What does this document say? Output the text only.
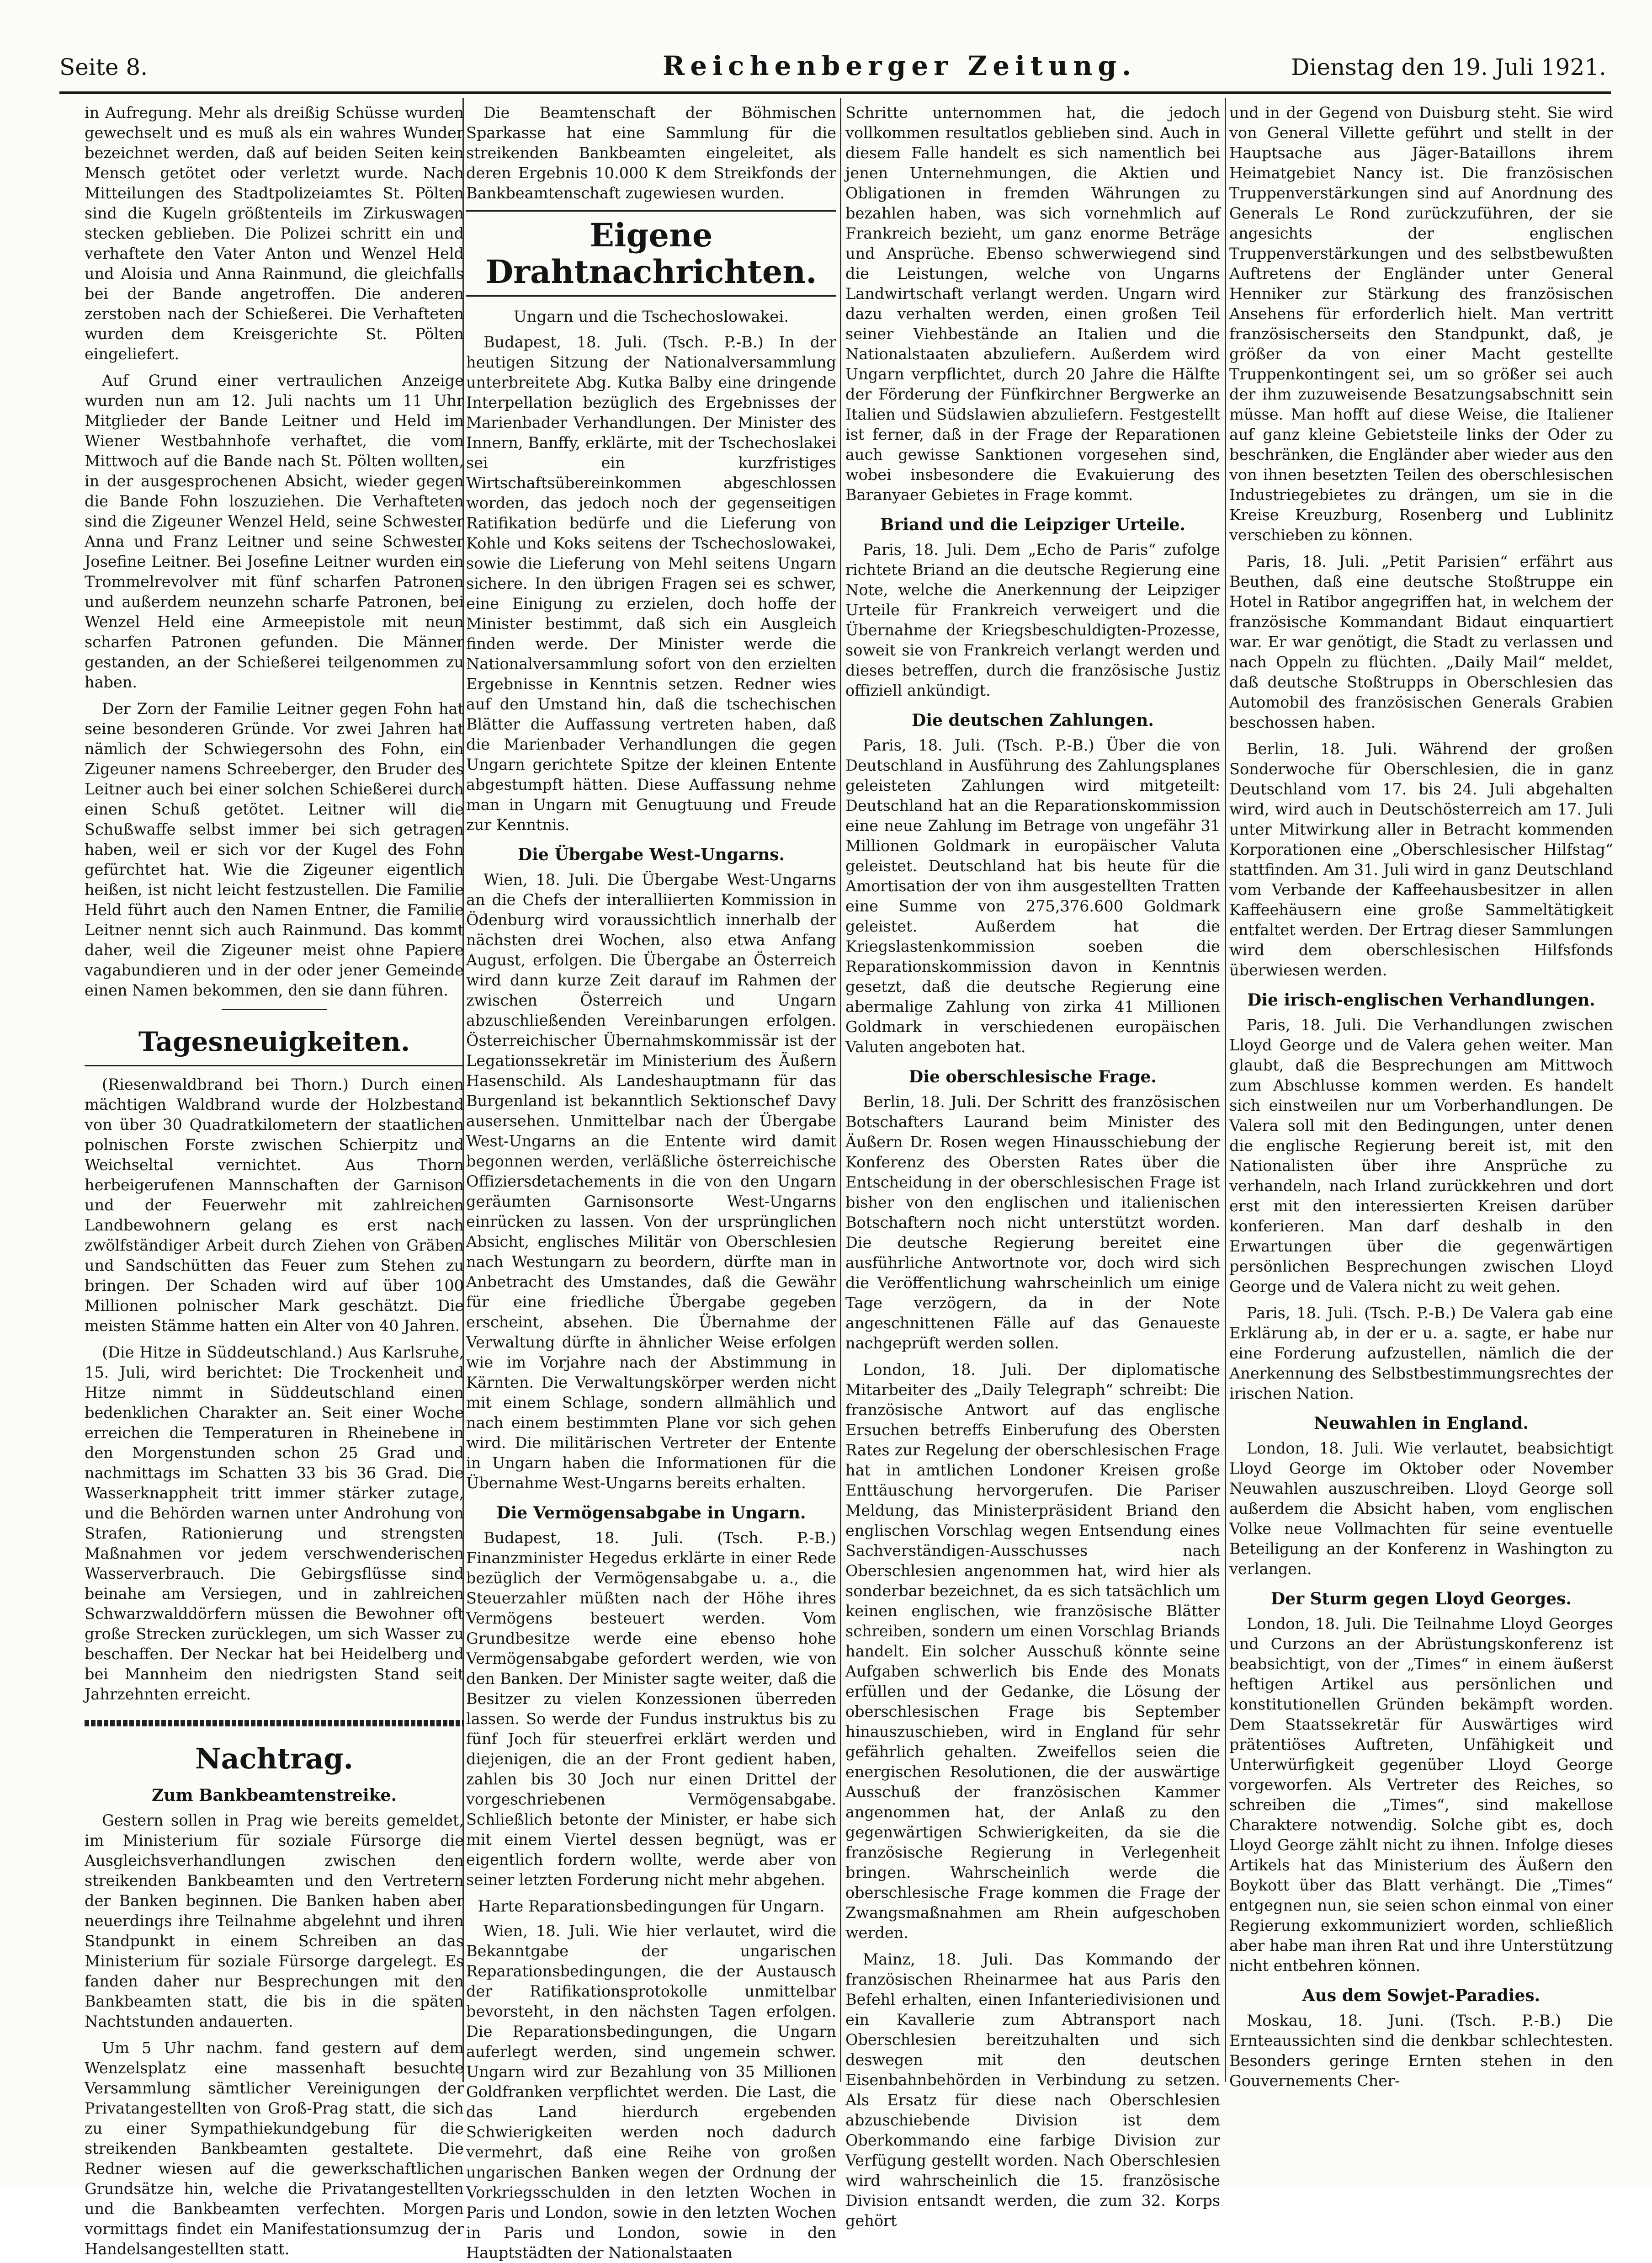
Seite 8.	Reichenberger Zeitung.	Dienstag den 19. Juli 1921.

in Aufregung. Mehr als dreißig Schüsse wurden gewechselt und es muß als ein wahres Wunder bezeichnet werden, daß auf beiden Seiten kein Mensch getötet oder verletzt wurde. Nach Mitteilungen des Stadtpolizeiamtes St. Pölten sind die Kugeln größtenteils im Zirkuswagen stecken geblieben. Die Polizei schritt ein und verhaftete den Vater Anton und Wenzel Held und Aloisia und Anna Rainmund, die gleichfalls bei der Bande angetroffen. Die anderen zerstoben nach der Schießerei. Die Verhafteten wurden dem Kreisgerichte St. Pölten eingeliefert.

Auf Grund einer vertraulichen Anzeige wurden nun am 12. Juli nachts um 11 Uhr Mitglieder der Bande Leitner und Held im Wiener Westbahnhofe verhaftet, die vom Mittwoch auf die Bande nach St. Pölten wollten, in der ausgesprochenen Absicht, wieder gegen die Bande Fohn loszuziehen. Die Verhafteten sind die Zigeuner Wenzel Held, seine Schwester Anna und Franz Leitner und seine Schwester Josefine Leitner. Bei Josefine Leitner wurden ein Trommelrevolver mit fünf scharfen Patronen und außerdem neunzehn scharfe Patronen, bei Wenzel Held eine Armeepistole mit neun scharfen Patronen gefunden. Die Männer gestanden, an der Schießerei teilgenommen zu haben.

Der Zorn der Familie Leitner gegen Fohn hat seine besonderen Gründe. Vor zwei Jahren hat nämlich der Schwiegersohn des Fohn, ein Zigeuner namens Schreeberger, den Bruder des Leitner auch bei einer solchen Schießerei durch einen Schuß getötet. Leitner will die Schußwaffe selbst immer bei sich getragen haben, weil er sich vor der Kugel des Fohn gefürchtet hat. Wie die Zigeuner eigentlich heißen, ist nicht leicht festzustellen. Die Familie Held führt auch den Namen Entner, die Familie Leitner nennt sich auch Rainmund. Das kommt daher, weil die Zigeuner meist ohne Papiere vagabundieren und in der oder jener Gemeinde einen Namen bekommen, den sie dann führen.

Tagesneuigkeiten.

(Riesenwaldbrand bei Thorn.) Durch einen mächtigen Waldbrand wurde der Holzbestand von über 30 Quadratkilometern der staatlichen polnischen Forste zwischen Schierpitz und Weichseltal vernichtet. Aus Thorn herbeigerufenen Mannschaften der Garnison und der Feuerwehr mit zahlreichen Landbewohnern gelang es erst nach zwölfständiger Arbeit durch Ziehen von Gräben und Sandschütten das Feuer zum Stehen zu bringen. Der Schaden wird auf über 100 Millionen polnischer Mark geschätzt. Die meisten Stämme hatten ein Alter von 40 Jahren.

(Die Hitze in Süddeutschland.) Aus Karlsruhe, 15. Juli, wird berichtet: Die Trockenheit und Hitze nimmt in Süddeutschland einen bedenklichen Charakter an. Seit einer Woche erreichen die Temperaturen in Rheinebene in den Morgenstunden schon 25 Grad und nachmittags im Schatten 33 bis 36 Grad. Die Wasserknappheit tritt immer stärker zutage, und die Behörden warnen unter Androhung von Strafen, Rationierung und strengsten Maßnahmen vor jedem verschwenderischen Wasserverbrauch. Die Gebirgsflüsse sind beinahe am Versiegen, und in zahlreichen Schwarzwalddörfern müssen die Bewohner oft große Strecken zurücklegen, um sich Wasser zu beschaffen. Der Neckar hat bei Heidelberg und bei Mannheim den niedrigsten Stand seit Jahrzehnten erreicht.

Nachtrag.
Zum Bankbeamtenstreike.

Gestern sollen in Prag wie bereits gemeldet, im Ministerium für soziale Fürsorge die Ausgleichsverhandlungen zwischen den streikenden Bankbeamten und den Vertretern der Banken beginnen. Die Banken haben aber neuerdings ihre Teilnahme abgelehnt und ihren Standpunkt in einem Schreiben an das Ministerium für soziale Fürsorge dargelegt. Es fanden daher nur Besprechungen mit den Bankbeamten statt, die bis in die späten Nachtstunden andauerten.

Um 5 Uhr nachm. fand gestern auf dem Wenzelsplatz eine massenhaft besuchte Versammlung sämtlicher Vereinigungen der Privatangestellten von Groß-Prag statt, die sich zu einer Sympathiekundgebung für die streikenden Bankbeamten gestaltete. Die Redner wiesen auf die gewerkschaftlichen Grundsätze hin, welche die Privatangestellten und die Bankbeamten verfechten. Morgen vormittags findet ein Manifestationsumzug der Handelsangestellten statt.

Die Beamtenschaft der Böhmischen Sparkasse hat eine Sammlung für die streikenden Bankbeamten eingeleitet, als deren Ergebnis 10.000 K dem Streikfonds der Bankbeamtenschaft zugewiesen wurden.

Eigene Drahtnachrichten.

Ungarn und die Tschechoslowakei.

Budapest, 18. Juli. (Tsch. P.-B.) In der heutigen Sitzung der Nationalversammlung unterbreitete Abg. Kutka Balby eine dringende Interpellation bezüglich des Ergebnisses der Marienbader Verhandlungen. Der Minister des Innern, Banffy, erklärte, mit der Tschechoslakei sei ein kurzfristiges Wirtschaftsübereinkommen abgeschlossen worden, das jedoch noch der gegenseitigen Ratifikation bedürfe und die Lieferung von Kohle und Koks seitens der Tschechoslowakei, sowie die Lieferung von Mehl seitens Ungarn sichere. In den übrigen Fragen sei es schwer, eine Einigung zu erzielen, doch hoffe der Minister bestimmt, daß sich ein Ausgleich finden werde. Der Minister werde die Nationalversammlung sofort von den erzielten Ergebnisse in Kenntnis setzen. Redner wies auf den Umstand hin, daß die tschechischen Blätter die Auffassung vertreten haben, daß die Marienbader Verhandlungen die gegen Ungarn gerichtete Spitze der kleinen Entente abgestumpft hätten. Diese Auffassung nehme man in Ungarn mit Genugtuung und Freude zur Kenntnis.

Die Übergabe West-Ungarns.

Wien, 18. Juli. Die Übergabe West-Ungarns an die Chefs der interalliierten Kommission in Ödenburg wird voraussichtlich innerhalb der nächsten drei Wochen, also etwa Anfang August, erfolgen. Die Übergabe an Österreich wird dann kurze Zeit darauf im Rahmen der zwischen Österreich und Ungarn abzuschließenden Vereinbarungen erfolgen. Österreichischer Übernahmskommissär ist der Legationssekretär im Ministerium des Äußern Hasenschild. Als Landeshauptmann für das Burgenland ist bekanntlich Sektionschef Davy ausersehen. Unmittelbar nach der Übergabe West-Ungarns an die Entente wird damit begonnen werden, verläßliche österreichische Offiziersdetachements in die von den Ungarn geräumten Garnisonsorte West-Ungarns einrücken zu lassen. Von der ursprünglichen Absicht, englisches Militär von Oberschlesien nach Westungarn zu beordern, dürfte man in Anbetracht des Umstandes, daß die Gewähr für eine friedliche Übergabe gegeben erscheint, absehen. Die Übernahme der Verwaltung dürfte in ähnlicher Weise erfolgen wie im Vorjahre nach der Abstimmung in Kärnten. Die Verwaltungskörper werden nicht mit einem Schlage, sondern allmählich und nach einem bestimmten Plane vor sich gehen wird. Die militärischen Vertreter der Entente in Ungarn haben die Informationen für die Übernahme West-Ungarns bereits erhalten.

Die Vermögensabgabe in Ungarn.

Budapest, 18. Juli. (Tsch. P.-B.) Finanzminister Hegedus erklärte in einer Rede bezüglich der Vermögensabgabe u. a., die Steuerzahler müßten nach der Höhe ihres Vermögens besteuert werden. Vom Grundbesitze werde eine ebenso hohe Vermögensabgabe gefordert werden, wie von den Banken. Der Minister sagte weiter, daß die Besitzer zu vielen Konzessionen überreden lassen. So werde der Fundus instruktus bis zu fünf Joch für steuerfrei erklärt werden und diejenigen, die an der Front gedient haben, zahlen bis 30 Joch nur einen Drittel der vorgeschriebenen Vermögensabgabe. Schließlich betonte der Minister, er habe sich mit einem Viertel dessen begnügt, was er eigentlich fordern wollte, werde aber von seiner letzten Forderung nicht mehr abgehen.

Harte Reparationsbedingungen für Ungarn.

Wien, 18. Juli. Wie hier verlautet, wird die Bekanntgabe der ungarischen Reparationsbedingungen, die der Austausch der Ratifikationsprotokolle unmittelbar bevorsteht, in den nächsten Tagen erfolgen. Die Reparationsbedingungen, die Ungarn auferlegt werden, sind ungemein schwer. Ungarn wird zur Bezahlung von 35 Millionen Goldfranken verpflichtet werden. Die Last, die das Land hierdurch ergebenden Schwierigkeiten werden noch dadurch vermehrt, daß eine Reihe von großen ungarischen Banken wegen der Ordnung der Vorkriegsschulden in den letzten Wochen in Paris und London, sowie in den letzten Wochen in Paris und London, sowie in den Hauptstädten der Nationalstaaten

Schritte unternommen hat, die jedoch vollkommen resultatlos geblieben sind. Auch in diesem Falle handelt es sich namentlich bei jenen Unternehmungen, die Aktien und Obligationen in fremden Währungen zu bezahlen haben, was sich vornehmlich auf Frankreich bezieht, um ganz enorme Beträge und Ansprüche. Ebenso schwerwiegend sind die Leistungen, welche von Ungarns Landwirtschaft verlangt werden. Ungarn wird dazu verhalten werden, einen großen Teil seiner Viehbestände an Italien und die Nationalstaaten abzuliefern. Außerdem wird Ungarn verpflichtet, durch 20 Jahre die Hälfte der Förderung der Fünfkirchner Bergwerke an Italien und Südslawien abzuliefern. Festgestellt ist ferner, daß in der Frage der Reparationen auch gewisse Sanktionen vorgesehen sind, wobei insbesondere die Evakuierung des Baranyaer Gebietes in Frage kommt.

Briand und die Leipziger Urteile.

Paris, 18. Juli. Dem „Echo de Paris“ zufolge richtete Briand an die deutsche Regierung eine Note, welche die Anerkennung der Leipziger Urteile für Frankreich verweigert und die Übernahme der Kriegsbeschuldigten-Prozesse, soweit sie von Frankreich verlangt werden und dieses betreffen, durch die französische Justiz offiziell ankündigt.

Die deutschen Zahlungen.

Paris, 18. Juli. (Tsch. P.-B.) Über die von Deutschland in Ausführung des Zahlungsplanes geleisteten Zahlungen wird mitgeteilt: Deutschland hat an die Reparationskommission eine neue Zahlung im Betrage von ungefähr 31 Millionen Goldmark in europäischer Valuta geleistet. Deutschland hat bis heute für die Amortisation der von ihm ausgestellten Tratten eine Summe von 275,376.600 Goldmark geleistet. Außerdem hat die Kriegslastenkommission soeben die Reparationskommission davon in Kenntnis gesetzt, daß die deutsche Regierung eine abermalige Zahlung von zirka 41 Millionen Goldmark in verschiedenen europäischen Valuten angeboten hat.

Die oberschlesische Frage.

Berlin, 18. Juli. Der Schritt des französischen Botschafters Laurand beim Minister des Äußern Dr. Rosen wegen Hinausschiebung der Konferenz des Obersten Rates über die Entscheidung in der oberschlesischen Frage ist bisher von den englischen und italienischen Botschaftern noch nicht unterstützt worden. Die deutsche Regierung bereitet eine ausführliche Antwortnote vor, doch wird sich die Veröffentlichung wahrscheinlich um einige Tage verzögern, da in der Note angeschnittenen Fälle auf das Genaueste nachgeprüft werden sollen.

London, 18. Juli. Der diplomatische Mitarbeiter des „Daily Telegraph“ schreibt: Die französische Antwort auf das englische Ersuchen betreffs Einberufung des Obersten Rates zur Regelung der oberschlesischen Frage hat in amtlichen Londoner Kreisen große Enttäuschung hervorgerufen. Die Pariser Meldung, das Ministerpräsident Briand den englischen Vorschlag wegen Entsendung eines Sachverständigen-Ausschusses nach Oberschlesien angenommen hat, wird hier als sonderbar bezeichnet, da es sich tatsächlich um keinen englischen, wie französische Blätter schreiben, sondern um einen Vorschlag Briands handelt. Ein solcher Ausschuß könnte seine Aufgaben schwerlich bis Ende des Monats erfüllen und der Gedanke, die Lösung der oberschlesischen Frage bis September hinauszuschieben, wird in England für sehr gefährlich gehalten. Zweifellos seien die energischen Resolutionen, die der auswärtige Ausschuß der französischen Kammer angenommen hat, der Anlaß zu den gegenwärtigen Schwierigkeiten, da sie die französische Regierung in Verlegenheit bringen. Wahrscheinlich werde die oberschlesische Frage kommen die Frage der Zwangsmaßnahmen am Rhein aufgeschoben werden.

Mainz, 18. Juli. Das Kommando der französischen Rheinarmee hat aus Paris den Befehl erhalten, einen Infanteriedivisionen und ein Kavallerie zum Abtransport nach Oberschlesien bereitzuhalten und sich deswegen mit den deutschen Eisenbahnbehörden in Verbindung zu setzen. Als Ersatz für diese nach Oberschlesien abzuschiebende Division ist dem Oberkommando eine farbige Division zur Verfügung gestellt worden. Nach Oberschlesien wird wahrscheinlich die 15. französische Division entsandt werden, die zum 32. Korps gehört

und in der Gegend von Duisburg steht. Sie wird von General Villette geführt und stellt in der Hauptsache aus Jäger-Bataillons ihrem Heimatgebiet Nancy ist. Die französischen Truppenverstärkungen sind auf Anordnung des Generals Le Rond zurückzuführen, der sie angesichts der englischen Truppenverstärkungen und des selbstbewußten Auftretens der Engländer unter General Henniker zur Stärkung des französischen Ansehens für erforderlich hielt. Man vertritt französischerseits den Standpunkt, daß, je größer da von einer Macht gestellte Truppenkontingent sei, um so größer sei auch der ihm zuzuweisende Besatzungsabschnitt sein müsse. Man hofft auf diese Weise, die Italiener auf ganz kleine Gebietsteile links der Oder zu beschränken, die Engländer aber wieder aus den von ihnen besetzten Teilen des oberschlesischen Industriegebietes zu drängen, um sie in die Kreise Kreuzburg, Rosenberg und Lublinitz verschieben zu können.

Paris, 18. Juli. „Petit Parisien“ erfährt aus Beuthen, daß eine deutsche Stoßtruppe ein Hotel in Ratibor angegriffen hat, in welchem der französische Kommandant Bidaut einquartiert war. Er war genötigt, die Stadt zu verlassen und nach Oppeln zu flüchten. „Daily Mail“ meldet, daß deutsche Stoßtrupps in Oberschlesien das Automobil des französischen Generals Grabien beschossen haben.

Berlin, 18. Juli. Während der großen Sonderwoche für Oberschlesien, die in ganz Deutschland vom 17. bis 24. Juli abgehalten wird, wird auch in Deutschösterreich am 17. Juli unter Mitwirkung aller in Betracht kommenden Korporationen eine „Oberschlesischer Hilfstag“ stattfinden. Am 31. Juli wird in ganz Deutschland vom Verbande der Kaffeehausbesitzer in allen Kaffeehäusern eine große Sammeltätigkeit entfaltet werden. Der Ertrag dieser Sammlungen wird dem oberschlesischen Hilfsfonds überwiesen werden.

Die irisch-englischen Verhandlungen.

Paris, 18. Juli. Die Verhandlungen zwischen Lloyd George und de Valera gehen weiter. Man glaubt, daß die Besprechungen am Mittwoch zum Abschlusse kommen werden. Es handelt sich einstweilen nur um Vorberhandlungen. De Valera soll mit den Bedingungen, unter denen die englische Regierung bereit ist, mit den Nationalisten über ihre Ansprüche zu verhandeln, nach Irland zurückkehren und dort erst mit den interessierten Kreisen darüber konferieren. Man darf deshalb in den Erwartungen über die gegenwärtigen persönlichen Besprechungen zwischen Lloyd George und de Valera nicht zu weit gehen.

Paris, 18. Juli. (Tsch. P.-B.) De Valera gab eine Erklärung ab, in der er u. a. sagte, er habe nur eine Forderung aufzustellen, nämlich die der Anerkennung des Selbstbestimmungsrechtes der irischen Nation.

Neuwahlen in England.

London, 18. Juli. Wie verlautet, beabsichtigt Lloyd George im Oktober oder November Neuwahlen auszuschreiben. Lloyd George soll außerdem die Absicht haben, vom englischen Volke neue Vollmachten für seine eventuelle Beteiligung an der Konferenz in Washington zu verlangen.

Der Sturm gegen Lloyd Georges.

London, 18. Juli. Die Teilnahme Lloyd Georges und Curzons an der Abrüstungskonferenz ist beabsichtigt, von der „Times“ in einem äußerst heftigen Artikel aus persönlichen und konstitutionellen Gründen bekämpft worden. Dem Staatssekretär für Auswärtiges wird prätentiöses Auftreten, Unfähigkeit und Unterwürfigkeit gegenüber Lloyd George vorgeworfen. Als Vertreter des Reiches, so schreiben die „Times“, sind makellose Charaktere notwendig. Solche gibt es, doch Lloyd George zählt nicht zu ihnen. Infolge dieses Artikels hat das Ministerium des Äußern den Boykott über das Blatt verhängt. Die „Times“ entgegnen nun, sie seien schon einmal von einer Regierung exkommuniziert worden, schließlich aber habe man ihren Rat und ihre Unterstützung nicht entbehren können.

Aus dem Sowjet-Paradies.

Moskau, 18. Juni. (Tsch. P.-B.) Die Ernteaussichten sind die denkbar schlechtesten. Besonders geringe Ernten stehen in den Gouvernements Cher-
